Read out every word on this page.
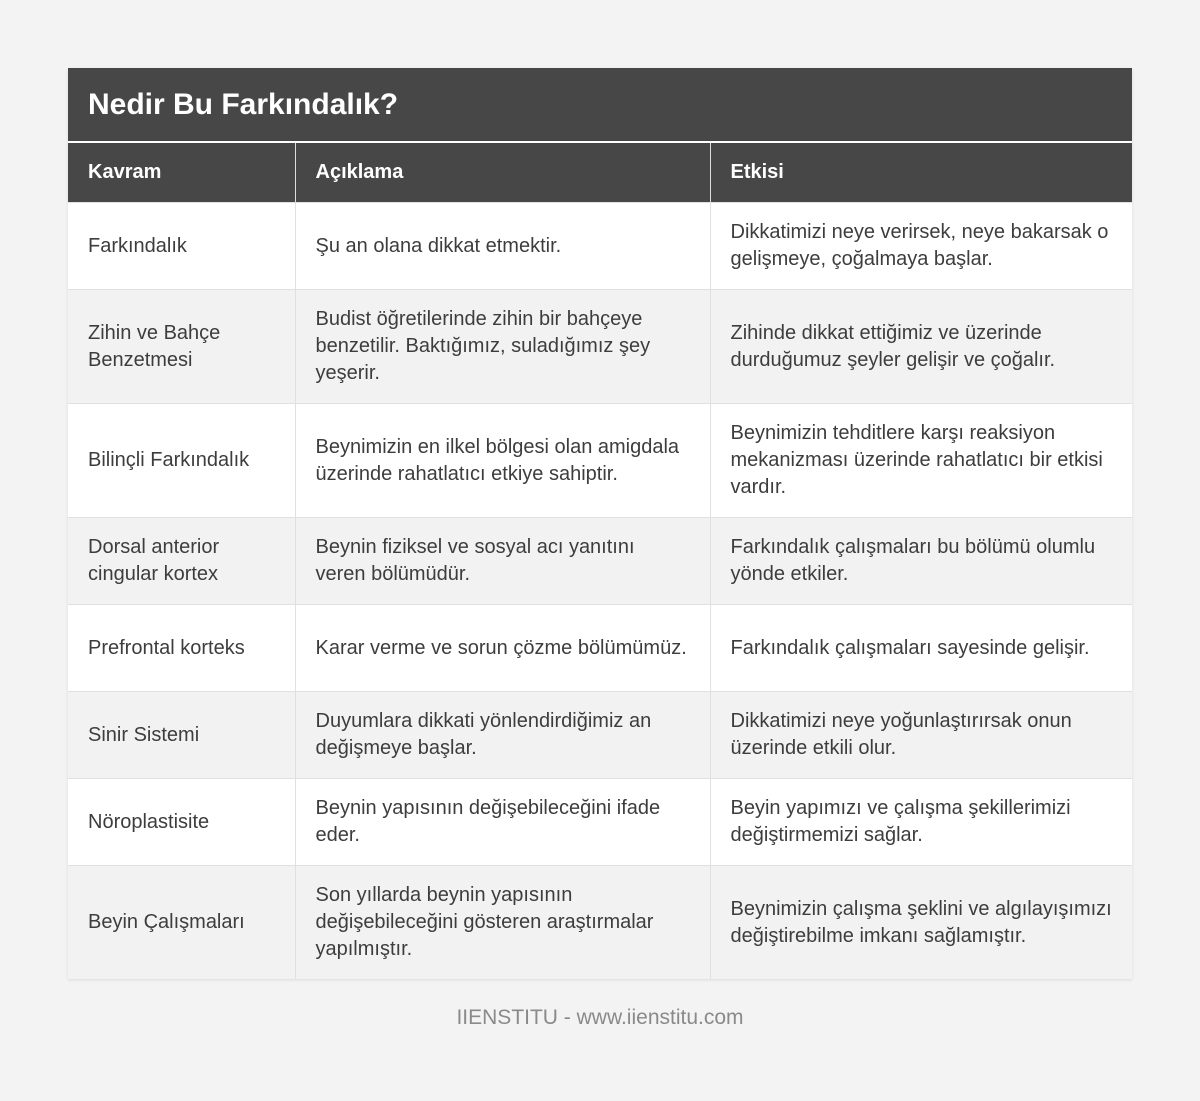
Nedir Bu Farkındalık?
Kavram	Açıklama	Etkisi
Farkındalık	Şu an olana dikkat etmektir.	Dikkatimizi neye verirsek, neye bakarsak o gelişmeye, çoğalmaya başlar.
Zihin ve Bahçe Benzetmesi	Budist öğretilerinde zihin bir bahçeye benzetilir. Baktığımız, suladığımız şey yeşerir.	Zihinde dikkat ettiğimiz ve üzerinde durduğumuz şeyler gelişir ve çoğalır.
Bilinçli Farkındalık	Beynimizin en ilkel bölgesi olan amigdala üzerinde rahatlatıcı etkiye sahiptir.	Beynimizin tehditlere karşı reaksiyon mekanizması üzerinde rahatlatıcı bir etkisi vardır.
Dorsal anterior cingular kortex	Beynin fiziksel ve sosyal acı yanıtını veren bölümüdür.	Farkındalık çalışmaları bu bölümü olumlu yönde etkiler.
Prefrontal korteks	Karar verme ve sorun çözme bölümümüz.	Farkındalık çalışmaları sayesinde gelişir.
Sinir Sistemi	Duyumlara dikkati yönlendirdiğimiz an değişmeye başlar.	Dikkatimizi neye yoğunlaştırırsak onun üzerinde etkili olur.
Nöroplastisite	Beynin yapısının değişebileceğini ifade eder.	Beyin yapımızı ve çalışma şekillerimizi değiştirmemizi sağlar.
Beyin Çalışmaları	Son yıllarda beynin yapısının değişebileceğini gösteren araştırmalar yapılmıştır.	Beynimizin çalışma şeklini ve algılayışımızı değiştirebilme imkanı sağlamıştır.
IIENSTITU - www.iienstitu.com
